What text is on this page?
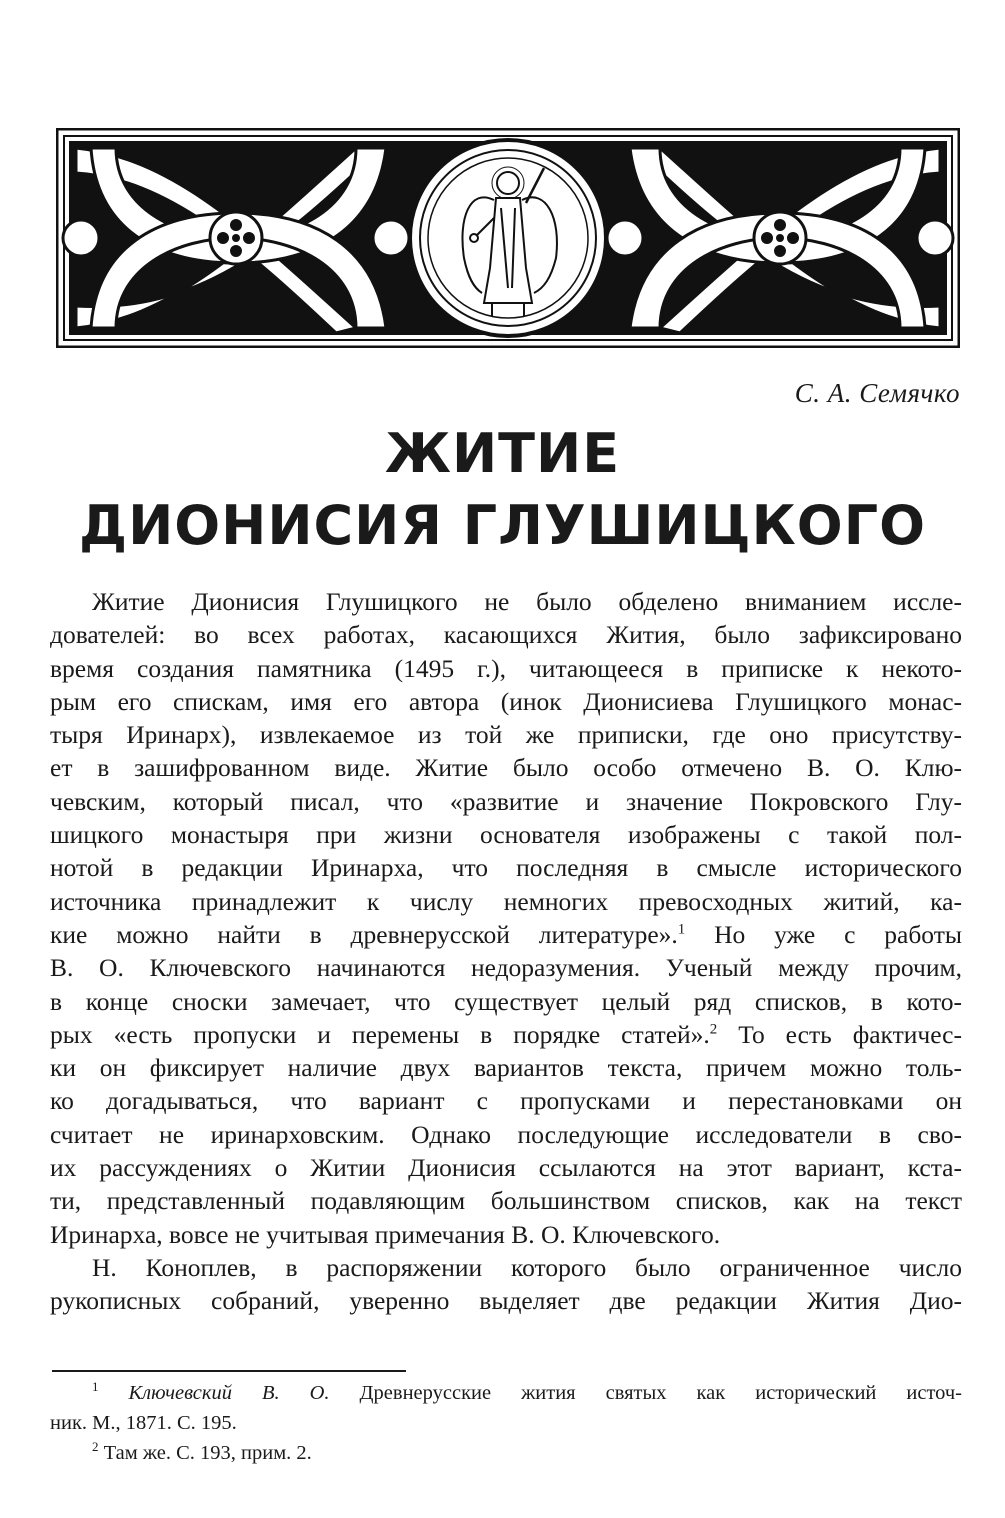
С. А. Семячко
ЖИТИЕ
ДИОНИСИЯ ГЛУШИЦКОГО
Житие Дионисия Глушицкого не было обделено вниманием иссле-
дователей: во всех работах, касающихся Жития, было зафиксировано
время создания памятника (1495 г.), читающееся в приписке к некото-
рым его спискам, имя его автора (инок Дионисиева Глушицкого монас-
тыря Иринарх), извлекаемое из той же приписки, где оно присутству-
ет в зашифрованном виде. Житие было особо отмечено В. О. Клю-
чевским, который писал, что «развитие и значение Покровского Глу-
шицкого монастыря при жизни основателя изображены с такой пол-
нотой в редакции Иринарха, что последняя в смысле исторического
источника принадлежит к числу немногих превосходных житий, ка-
кие можно найти в древнерусской литературе».$^1$ Но уже с работы
В. О. Ключевского начинаются недоразумения. Ученый между прочим,
в конце сноски замечает, что существует целый ряд списков, в кото-
рых «есть пропуски и перемены в порядке статей».$^2$ То есть фактичес-
ки он фиксирует наличие двух вариантов текста, причем можно толь-
ко догадываться, что вариант с пропусками и перестановками он
считает не иринарховским. Однако последующие исследователи в сво-
их рассуждениях о Житии Дионисия ссылаются на этот вариант, кста-
ти, представленный подавляющим большинством списков, как на текст
Иринарха, вовсе не учитывая примечания В. О. Ключевского.
Н. Коноплев, в распоряжении которого было ограниченное число
рукописных собраний, уверенно выделяет две редакции Жития Дио-
$^1$ Ключевский В. О. Древнерусские жития святых как исторический источ-
ник. М., 1871. С. 195.
$^2$ Там же. С. 193, прим. 2.
